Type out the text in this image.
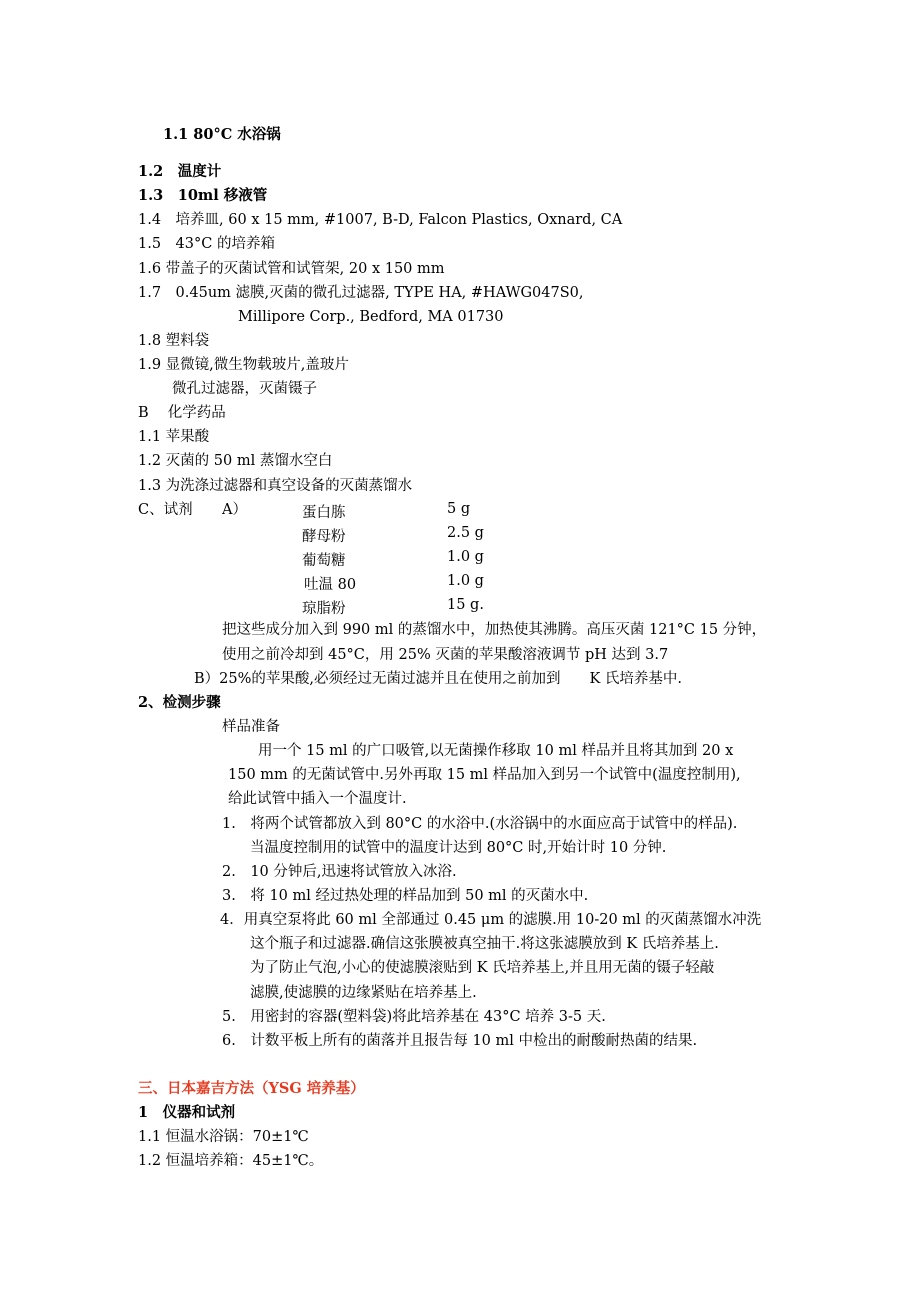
1.1 80°C 水浴锅
1.2　温度计
1.3　10ml 移液管
1.4　培养皿, 60 x 15 mm, #1007, B-D, Falcon Plastics, Oxnard, CA
1.5　43°C 的培养箱
1.6 带盖子的灭菌试管和试管架, 20 x 150 mm
1.7　0.45um 滤膜,灭菌的微孔过滤器, TYPE HA, #HAWG047S0,
Millipore Corp., Bedford, MA 01730
1.8 塑料袋
1.9 显微镜,微生物载玻片,盖玻片
微孔过滤器，灭菌镊子
B　 化学药品
1.1 苹果酸
1.2 灭菌的 50 ml 蒸馏水空白
1.3 为洗涤过滤器和真空设备的灭菌蒸馏水
C、试剂 A）	蛋白胨	5 g
酵母粉	2.5 g
葡萄糖	1.0 g
吐温 80	1.0 g
琼脂粉	15 g.
把这些成分加入到 990 ml 的蒸馏水中，加热使其沸腾。高压灭菌 121°C 15 分钟，
使用之前冷却到 45°C，用 25% 灭菌的苹果酸溶液调节 pH 达到 3.7
B）25%的苹果酸,必须经过无菌过滤并且在使用之前加到　　K 氏培养基中.
2、检测步骤
样品准备
用一个 15 ml 的广口吸管,以无菌操作移取 10 ml 样品并且将其加到 20 x
150 mm 的无菌试管中.另外再取 15 ml 样品加入到另一个试管中(温度控制用),
给此试管中插入一个温度计.
1.　将两个试管都放入到 80°C 的水浴中.(水浴锅中的水面应高于试管中的样品).
当温度控制用的试管中的温度计达到 80°C 时,开始计时 10 分钟.
2.　10 分钟后,迅速将试管放入冰浴.
3.　将 10 ml 经过热处理的样品加到 50 ml 的灭菌水中.
4．用真空泵将此 60 ml 全部通过 0.45 μm 的滤膜.用 10-20 ml 的灭菌蒸馏水冲洗
这个瓶子和过滤器.确信这张膜被真空抽干.将这张滤膜放到 K 氏培养基上.
为了防止气泡,小心的使滤膜滚贴到 K 氏培养基上,并且用无菌的镊子轻敲
滤膜,使滤膜的边缘紧贴在培养基上.
5.　用密封的容器(塑料袋)将此培养基在 43°C 培养 3-5 天.
6.　计数平板上所有的菌落并且报告每 10 ml 中检出的耐酸耐热菌的结果.
三、日本嘉吉方法（YSG 培养基）
1　仪器和试剂
1.1 恒温水浴锅：70±1℃
1.2 恒温培养箱：45±1℃。
